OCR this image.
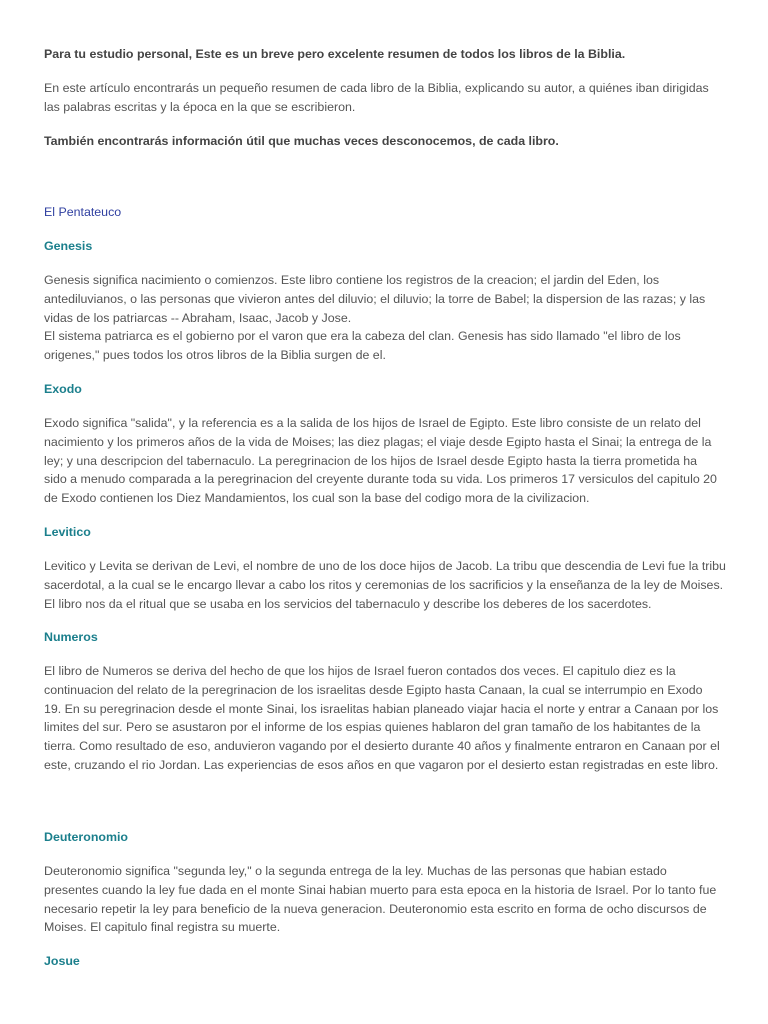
Para tu estudio personal, Este es un breve pero excelente resumen de todos los libros de la Biblia.

En este artículo encontrarás un pequeño resumen de cada libro de la Biblia, explicando su autor, a quiénes iban dirigidas
las palabras escritas y la época en la que se escribieron.

También encontrarás información útil que muchas veces desconocemos, de cada libro.

El Pentateuco
Genesis

Genesis significa nacimiento o comienzos. Este libro contiene los registros de la creacion; el jardin del Eden, los
antediluvianos, o las personas que vivieron antes del diluvio; el diluvio; la torre de Babel; la dispersion de las razas; y las
vidas de los patriarcas -- Abraham, Isaac, Jacob y Jose.
El sistema patriarca es el gobierno por el varon que era la cabeza del clan. Genesis has sido llamado "el libro de los
origenes," pues todos los otros libros de la Biblia surgen de el.

Exodo

Exodo significa "salida", y la referencia es a la salida de los hijos de Israel de Egipto. Este libro consiste de un relato del
nacimiento y los primeros años de la vida de Moises; las diez plagas; el viaje desde Egipto hasta el Sinai; la entrega de la
ley; y una descripcion del tabernaculo. La peregrinacion de los hijos de Israel desde Egipto hasta la tierra prometida ha
sido a menudo comparada a la peregrinacion del creyente durante toda su vida. Los primeros 17 versiculos del capitulo 20
de Exodo contienen los Diez Mandamientos, los cual son la base del codigo mora de la civilizacion.

Levitico

Levitico y Levita se derivan de Levi, el nombre de uno de los doce hijos de Jacob. La tribu que descendia de Levi fue la tribu
sacerdotal, a la cual se le encargo llevar a cabo los ritos y ceremonias de los sacrificios y la enseñanza de la ley de Moises.
El libro nos da el ritual que se usaba en los servicios del tabernaculo y describe los deberes de los sacerdotes.

Numeros

El libro de Numeros se deriva del hecho de que los hijos de Israel fueron contados dos veces. El capitulo diez es la
continuacion del relato de la peregrinacion de los israelitas desde Egipto hasta Canaan, la cual se interrumpio en Exodo
19. En su peregrinacion desde el monte Sinai, los israelitas habian planeado viajar hacia el norte y entrar a Canaan por los
limites del sur. Pero se asustaron por el informe de los espias quienes hablaron del gran tamaño de los habitantes de la
tierra. Como resultado de eso, anduvieron vagando por el desierto durante 40 años y finalmente entraron en Canaan por el
este, cruzando el rio Jordan. Las experiencias de esos años en que vagaron por el desierto estan registradas en este libro.

Deuteronomio

Deuteronomio significa "segunda ley," o la segunda entrega de la ley. Muchas de las personas que habian estado
presentes cuando la ley fue dada en el monte Sinai habian muerto para esta epoca en la historia de Israel. Por lo tanto fue
necesario repetir la ley para beneficio de la nueva generacion. Deuteronomio esta escrito en forma de ocho discursos de
Moises. El capitulo final registra su muerte.

Josue
